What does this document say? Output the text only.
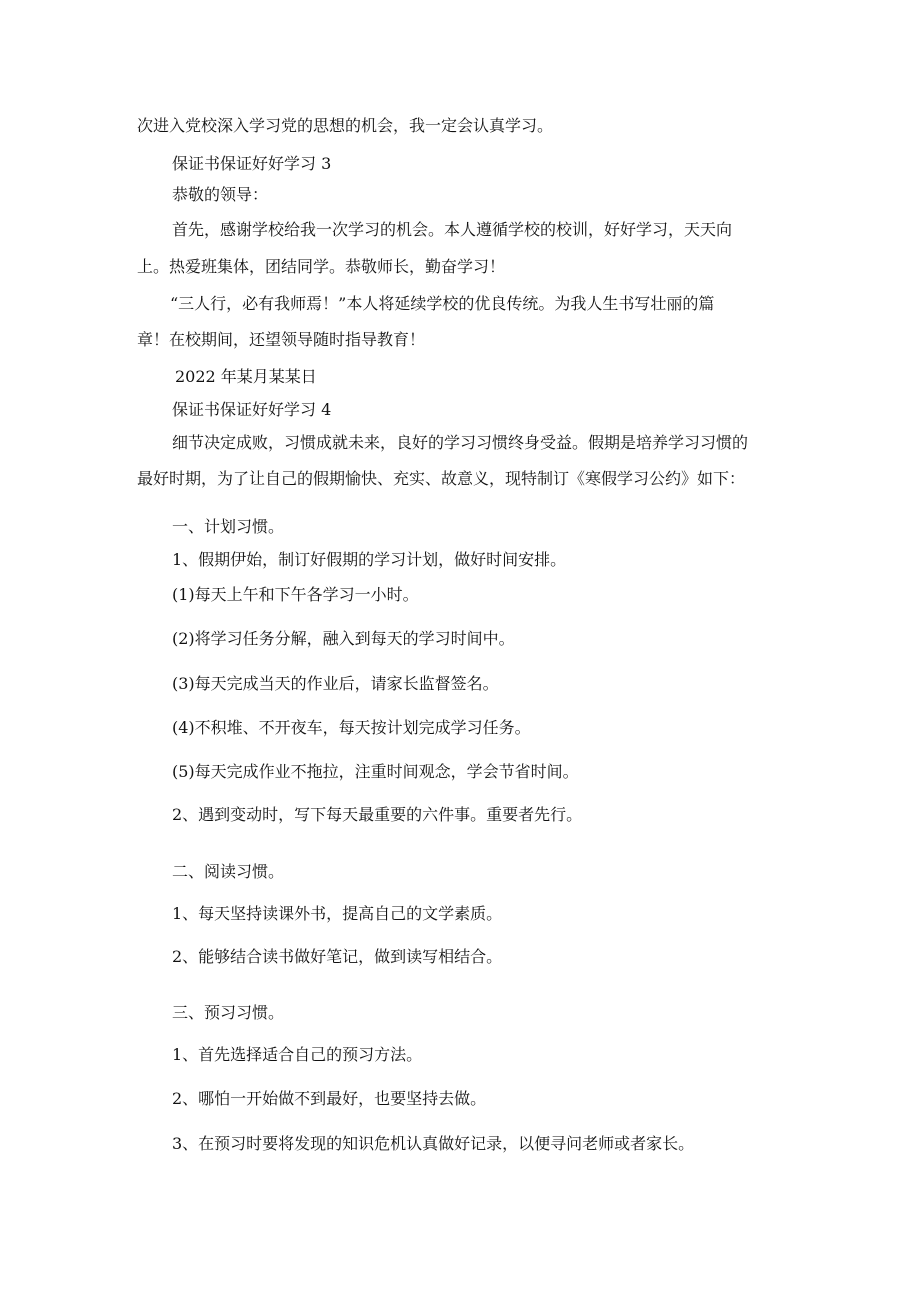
次进入党校深入学习党的思想的机会，我一定会认真学习。
保证书保证好好学习 3
恭敬的领导：
首先，感谢学校给我一次学习的机会。本人遵循学校的校训，好好学习，天天向
上。热爱班集体，团结同学。恭敬师长，勤奋学习！
“三人行，必有我师焉！”本人将延续学校的优良传统。为我人生书写壮丽的篇
章！在校期间，还望领导随时指导教育！
2022 年某月某某日
保证书保证好好学习 4
细节决定成败，习惯成就未来，良好的学习习惯终身受益。假期是培养学习习惯的
最好时期，为了让自己的假期愉快、充实、故意义，现特制订《寒假学习公约》如下：
一、计划习惯。
1、假期伊始，制订好假期的学习计划，做好时间安排。
(1)每天上午和下午各学习一小时。
(2)将学习任务分解，融入到每天的学习时间中。
(3)每天完成当天的作业后，请家长监督签名。
(4)不积堆、不开夜车，每天按计划完成学习任务。
(5)每天完成作业不拖拉，注重时间观念，学会节省时间。
2、遇到变动时，写下每天最重要的六件事。重要者先行。
二、阅读习惯。
1、每天坚持读课外书，提高自己的文学素质。
2、能够结合读书做好笔记，做到读写相结合。
三、预习习惯。
1、首先选择适合自己的预习方法。
2、哪怕一开始做不到最好，也要坚持去做。
3、在预习时要将发现的知识危机认真做好记录，以便寻问老师或者家长。
